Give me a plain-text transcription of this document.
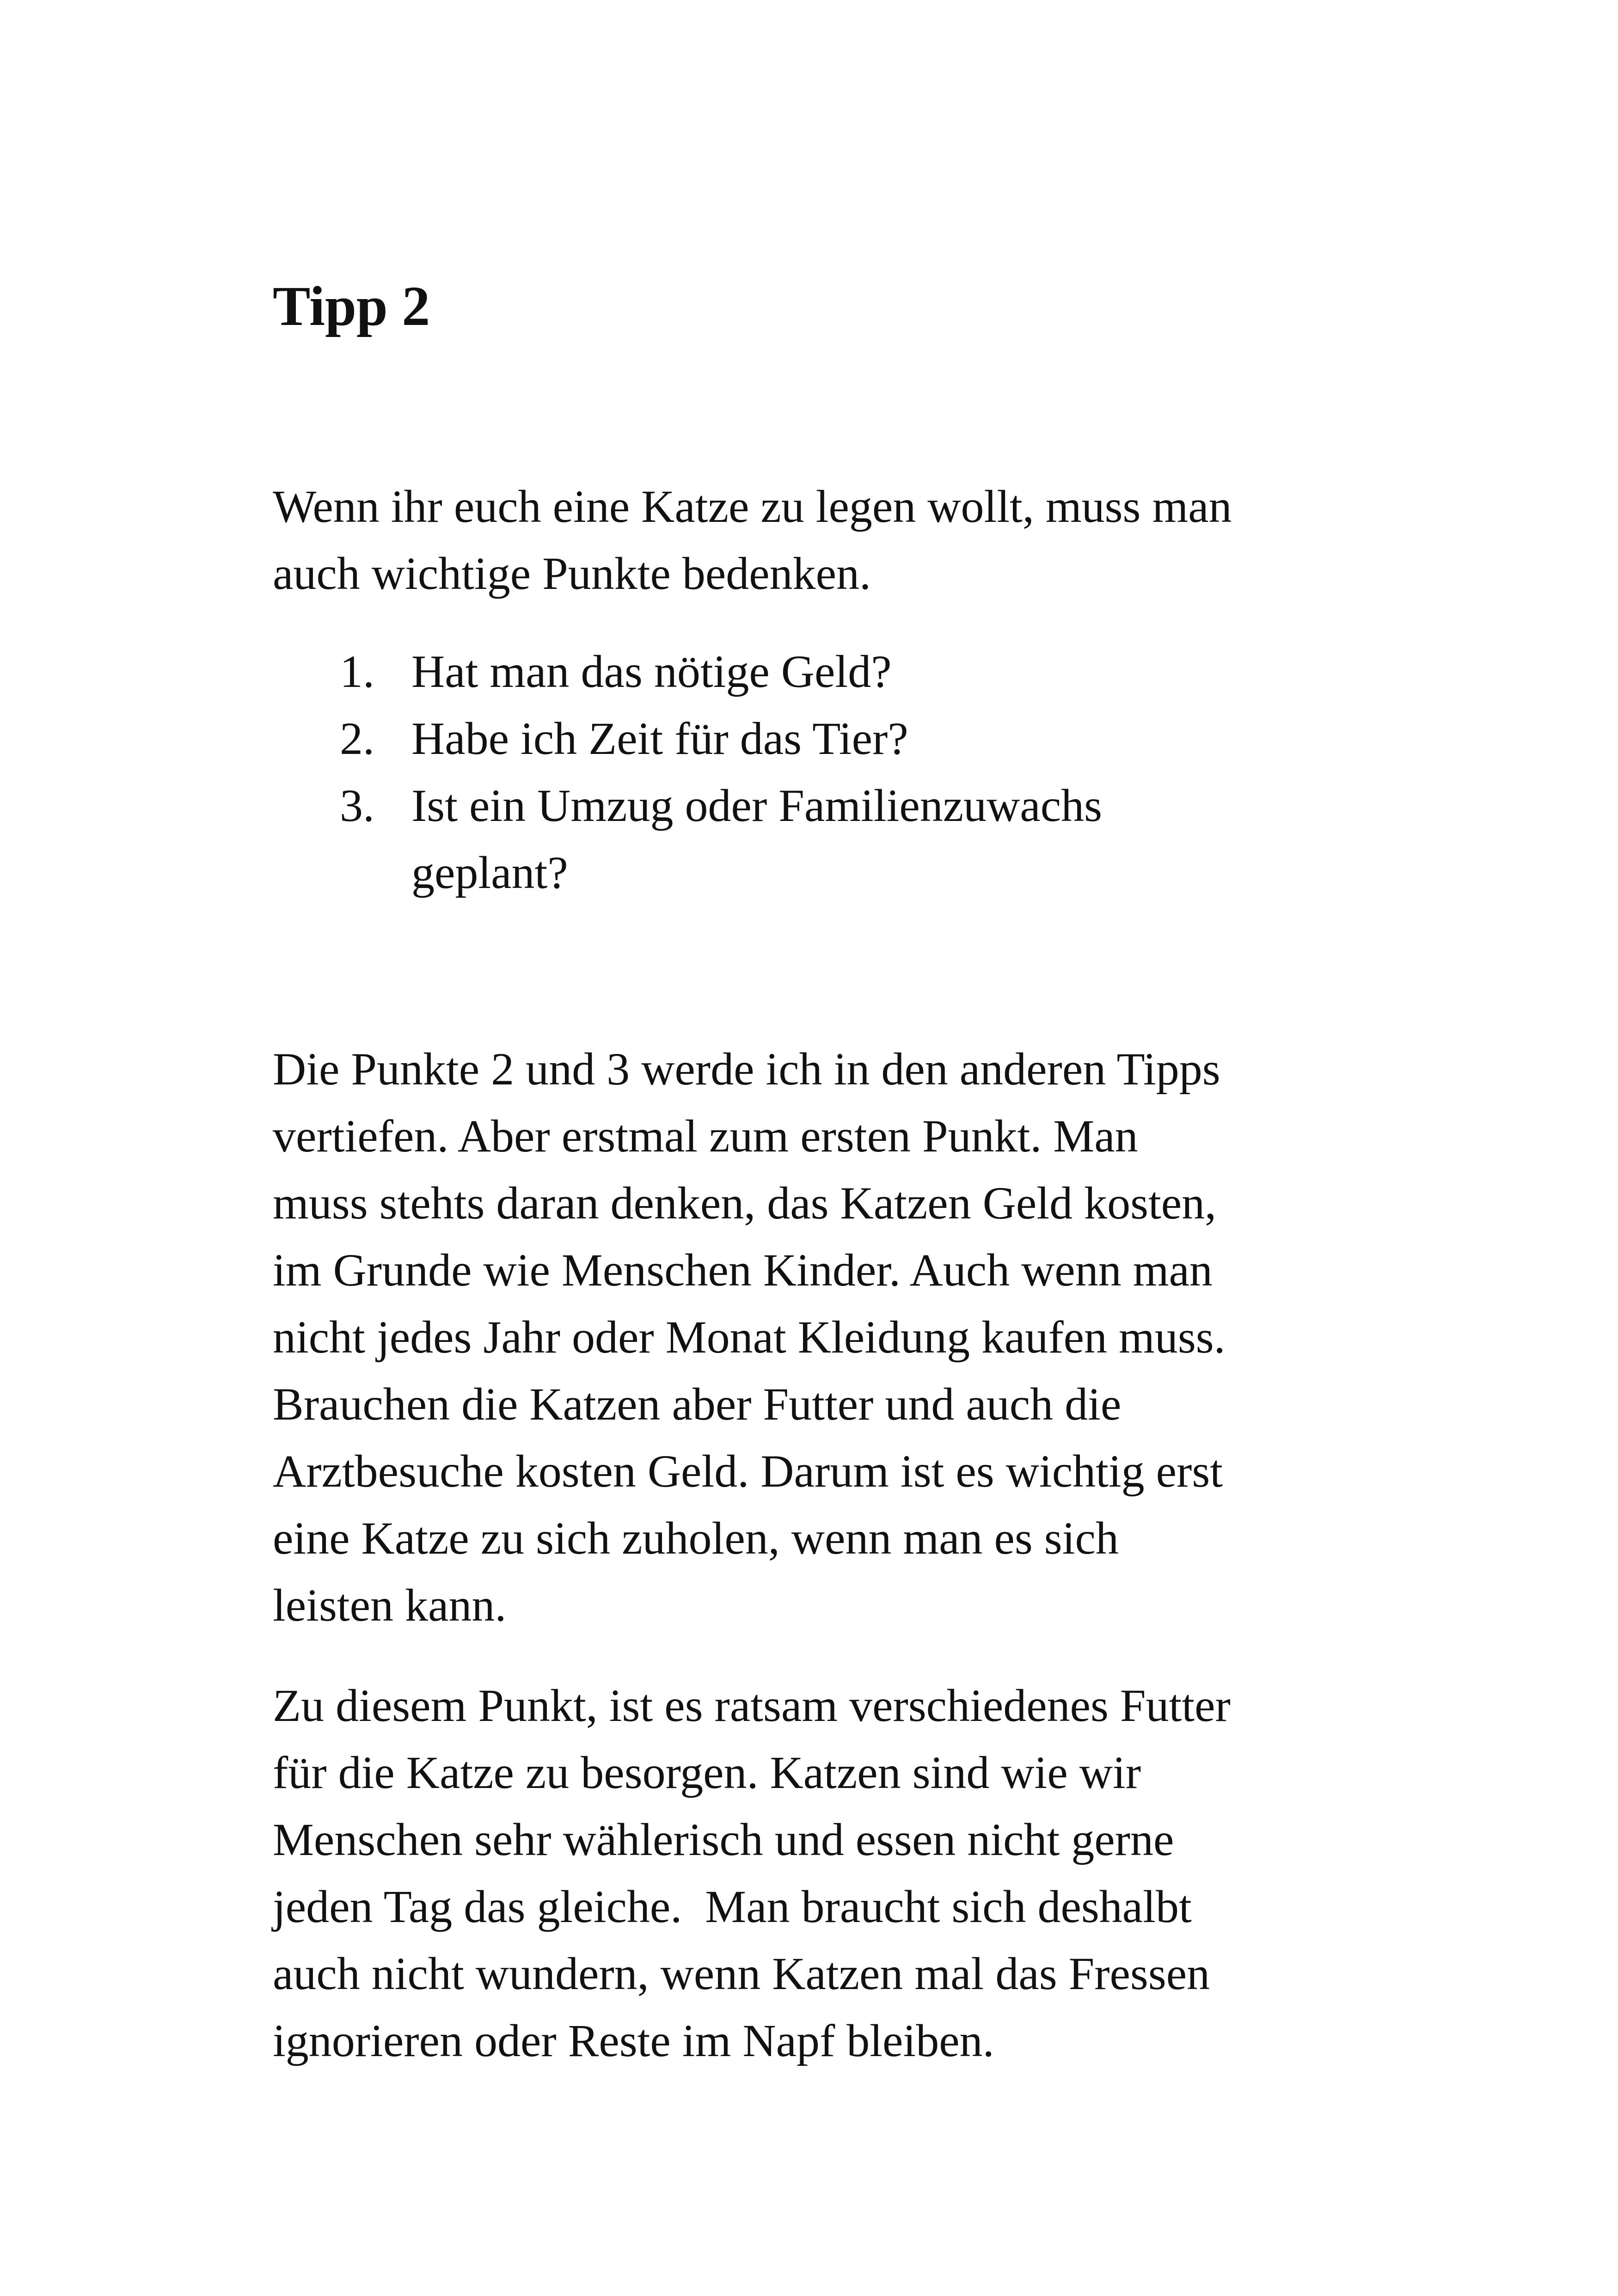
Tipp 2

Wenn ihr euch eine Katze zu legen wollt, muss man
auch wichtige Punkte bedenken.

1. Hat man das nötige Geld?
2. Habe ich Zeit für das Tier?
3. Ist ein Umzug oder Familienzuwachs
geplant?

Die Punkte 2 und 3 werde ich in den anderen Tipps
vertiefen. Aber erstmal zum ersten Punkt. Man
muss stehts daran denken, das Katzen Geld kosten,
im Grunde wie Menschen Kinder. Auch wenn man
nicht jedes Jahr oder Monat Kleidung kaufen muss.
Brauchen die Katzen aber Futter und auch die
Arztbesuche kosten Geld. Darum ist es wichtig erst
eine Katze zu sich zuholen, wenn man es sich
leisten kann.

Zu diesem Punkt, ist es ratsam verschiedenes Futter
für die Katze zu besorgen. Katzen sind wie wir
Menschen sehr wählerisch und essen nicht gerne
jeden Tag das gleiche.  Man braucht sich deshalbt
auch nicht wundern, wenn Katzen mal das Fressen
ignorieren oder Reste im Napf bleiben.
